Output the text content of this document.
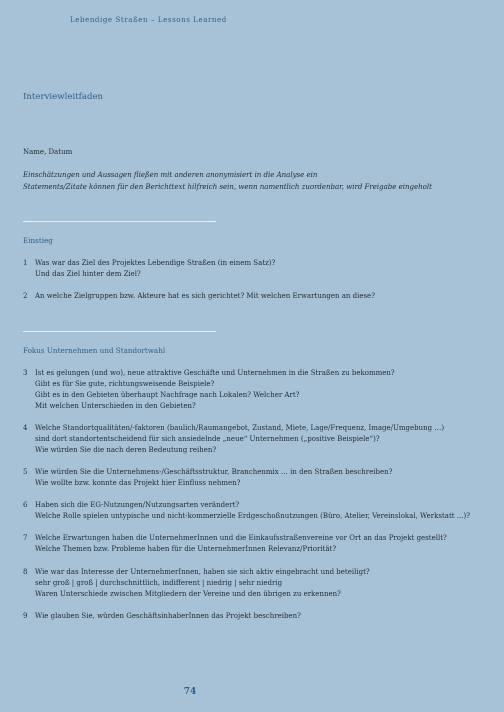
Lebendige Straßen – Lessons Learned
Interviewleitfaden
Name, Datum
Einschätzungen und Aussagen fließen mit anderen anonymisiert in die Analyse ein
Statements/Zitate können für den Berichttext hilfreich sein, wenn namentlich zuordenbar, wird Freigabe eingeholt
Einstieg
1	Was war das Ziel des Projektes Lebendige Straßen (in einem Satz)?
Und das Ziel hinter dem Ziel?
2	An welche Zielgruppen bzw. Akteure hat es sich gerichtet? Mit welchen Erwartungen an diese?
Fokus Unternehmen und Standortwahl
3	Ist es gelungen (und wo), neue attraktive Geschäfte und Unternehmen in die Straßen zu bekommen?
Gibt es für Sie gute, richtungsweisende Beispiele?
Gibt es in den Gebieten überhaupt Nachfrage nach Lokalen? Welcher Art?
Mit welchen Unterschieden in den Gebieten?
4	Welche Standortqualitäten/-faktoren (baulich/Raumangebot, Zustand, Miete, Lage/Frequenz, Image/Umgebung …)
sind dort standortentscheidend für sich ansiedelnde „neue“ Unternehmen („positive Beispiele“)?
Wie würden Sie die nach deren Bedeutung reihen?
5	Wie würden Sie die Unternehmens-/Geschäftsstruktur, Branchenmix … in den Straßen beschreiben?
Wie wollte bzw. konnte das Projekt hier Einfluss nehmen?
6	Haben sich die EG-Nutzungen/Nutzungsarten verändert?
Welche Rolle spielen untypische und nicht-kommerzielle Erdgeschoßnutzungen (Büro, Atelier, Vereinslokal, Werkstatt ...)?
7	Welche Erwartungen haben die UnternehmerInnen und die Einkaufsstraßenvereine vor Ort an das Projekt gestellt?
Welche Themen bzw. Probleme haben für die UnternehmerInnen Relevanz/Priorität?
8	Wie war das Interesse der UnternehmerInnen, haben sie sich aktiv eingebracht und beteiligt?
sehr groß | groß | durchschnittlich, indifferent | niedrig | sehr niedrig
Waren Unterschiede zwischen Mitgliedern der Vereine und den übrigen zu erkennen?
9	Wie glauben Sie, würden GeschäftsinhaberInnen das Projekt beschreiben?
74
